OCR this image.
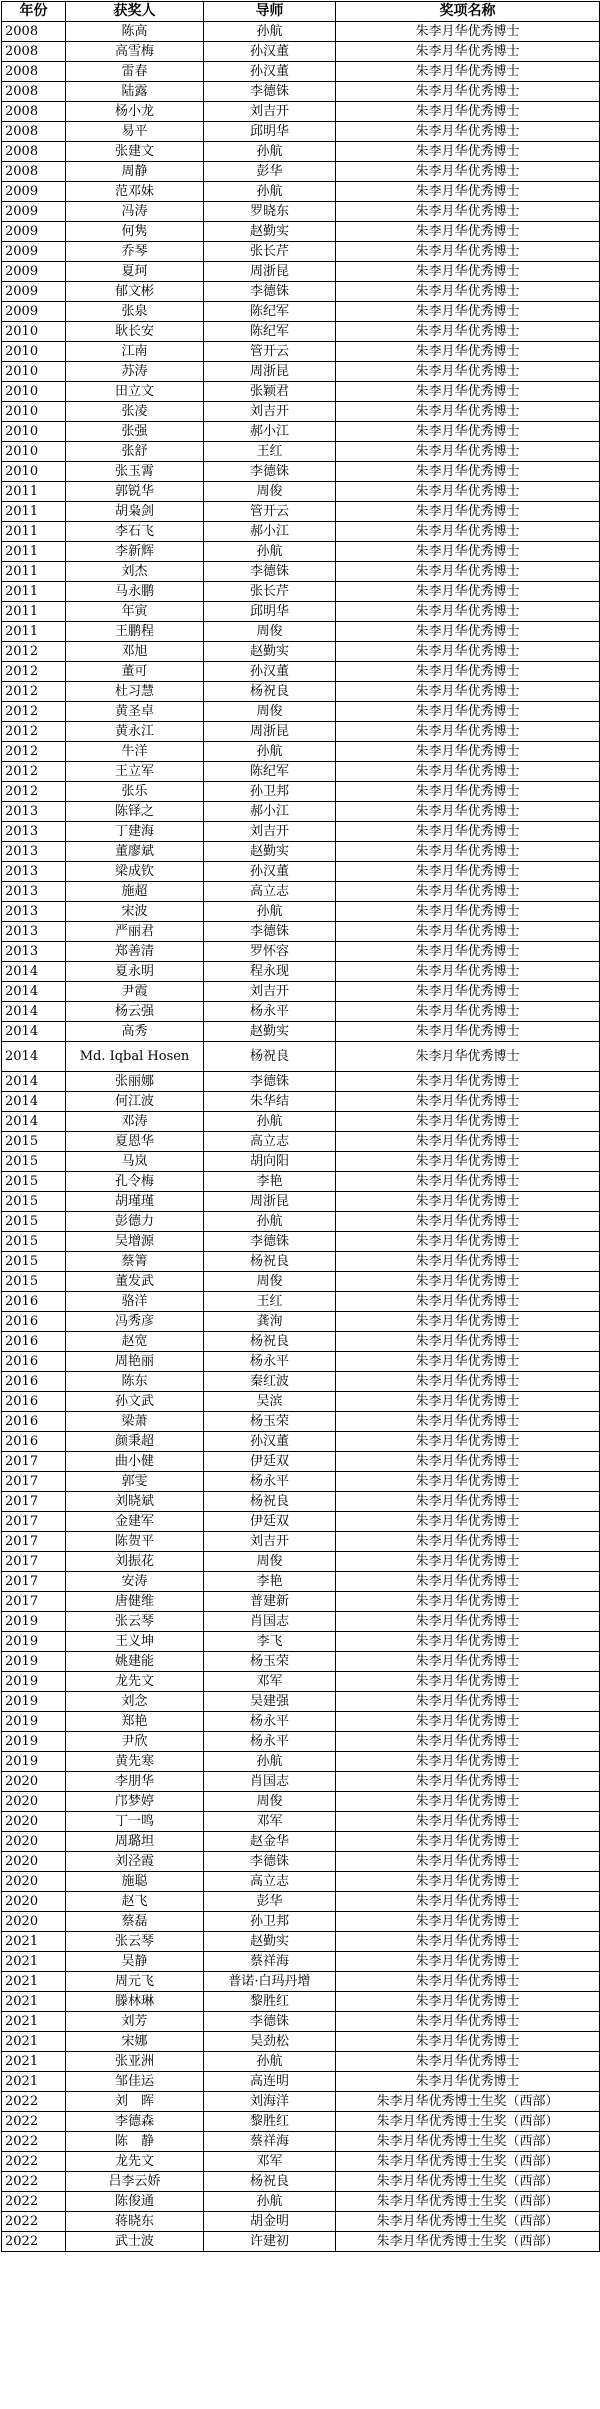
年份	获奖人	导师	奖项名称
2008	陈高	孙航	朱李月华优秀博士
2008	高雪梅	孙汉董	朱李月华优秀博士
2008	雷春	孙汉董	朱李月华优秀博士
2008	陆露	李德铢	朱李月华优秀博士
2008	杨小龙	刘吉开	朱李月华优秀博士
2008	易平	邱明华	朱李月华优秀博士
2008	张建文	孙航	朱李月华优秀博士
2008	周静	彭华	朱李月华优秀博士
2009	范邓妹	孙航	朱李月华优秀博士
2009	冯涛	罗晓东	朱李月华优秀博士
2009	何隽	赵勤实	朱李月华优秀博士
2009	乔琴	张长芹	朱李月华优秀博士
2009	夏珂	周浙昆	朱李月华优秀博士
2009	郁文彬	李德铢	朱李月华优秀博士
2009	张泉	陈纪军	朱李月华优秀博士
2010	耿长安	陈纪军	朱李月华优秀博士
2010	江南	管开云	朱李月华优秀博士
2010	苏涛	周浙昆	朱李月华优秀博士
2010	田立文	张颖君	朱李月华优秀博士
2010	张凌	刘吉开	朱李月华优秀博士
2010	张强	郝小江	朱李月华优秀博士
2010	张舒	王红	朱李月华优秀博士
2010	张玉霄	李德铢	朱李月华优秀博士
2011	郭锐华	周俊	朱李月华优秀博士
2011	胡枭剑	管开云	朱李月华优秀博士
2011	李石飞	郝小江	朱李月华优秀博士
2011	李新辉	孙航	朱李月华优秀博士
2011	刘杰	李德铢	朱李月华优秀博士
2011	马永鹏	张长芹	朱李月华优秀博士
2011	年寅	邱明华	朱李月华优秀博士
2011	王鹏程	周俊	朱李月华优秀博士
2012	邓旭	赵勤实	朱李月华优秀博士
2012	董可	孙汉董	朱李月华优秀博士
2012	杜习慧	杨祝良	朱李月华优秀博士
2012	黄圣卓	周俊	朱李月华优秀博士
2012	黄永江	周浙昆	朱李月华优秀博士
2012	牛洋	孙航	朱李月华优秀博士
2012	王立军	陈纪军	朱李月华优秀博士
2012	张乐	孙卫邦	朱李月华优秀博士
2013	陈铎之	郝小江	朱李月华优秀博士
2013	丁建海	刘吉开	朱李月华优秀博士
2013	董廖斌	赵勤实	朱李月华优秀博士
2013	梁成钦	孙汉董	朱李月华优秀博士
2013	施超	高立志	朱李月华优秀博士
2013	宋波	孙航	朱李月华优秀博士
2013	严丽君	李德铢	朱李月华优秀博士
2013	郑善清	罗怀容	朱李月华优秀博士
2014	夏永明	程永现	朱李月华优秀博士
2014	尹霞	刘吉开	朱李月华优秀博士
2014	杨云强	杨永平	朱李月华优秀博士
2014	高秀	赵勤实	朱李月华优秀博士
2014	Md. Iqbal Hosen	杨祝良	朱李月华优秀博士
2014	张丽娜	李德铢	朱李月华优秀博士
2014	何江波	朱华结	朱李月华优秀博士
2014	邓涛	孙航	朱李月华优秀博士
2015	夏恩华	高立志	朱李月华优秀博士
2015	马岚	胡向阳	朱李月华优秀博士
2015	孔令梅	李艳	朱李月华优秀博士
2015	胡瑾瑾	周浙昆	朱李月华优秀博士
2015	彭德力	孙航	朱李月华优秀博士
2015	吴增源	李德铢	朱李月华优秀博士
2015	蔡箐	杨祝良	朱李月华优秀博士
2015	董发武	周俊	朱李月华优秀博士
2016	骆洋	王红	朱李月华优秀博士
2016	冯秀彦	龚洵	朱李月华优秀博士
2016	赵宽	杨祝良	朱李月华优秀博士
2016	周艳丽	杨永平	朱李月华优秀博士
2016	陈东	秦红波	朱李月华优秀博士
2016	孙文武	吴滨	朱李月华优秀博士
2016	梁萧	杨玉荣	朱李月华优秀博士
2016	颜秉超	孙汉董	朱李月华优秀博士
2017	曲小健	伊廷双	朱李月华优秀博士
2017	郭雯	杨永平	朱李月华优秀博士
2017	刘晓斌	杨祝良	朱李月华优秀博士
2017	金建军	伊廷双	朱李月华优秀博士
2017	陈贺平	刘吉开	朱李月华优秀博士
2017	刘振花	周俊	朱李月华优秀博士
2017	安涛	李艳	朱李月华优秀博士
2017	唐健维	普建新	朱李月华优秀博士
2019	张云琴	肖国志	朱李月华优秀博士
2019	王义坤	李飞	朱李月华优秀博士
2019	姚建能	杨玉荣	朱李月华优秀博士
2019	龙先文	邓军	朱李月华优秀博士
2019	刘念	吴建强	朱李月华优秀博士
2019	郑艳	杨永平	朱李月华优秀博士
2019	尹欣	杨永平	朱李月华优秀博士
2019	黄先寒	孙航	朱李月华优秀博士
2020	李朋华	肖国志	朱李月华优秀博士
2020	邝梦婷	周俊	朱李月华优秀博士
2020	丁一鸣	邓军	朱李月华优秀博士
2020	周璐坦	赵金华	朱李月华优秀博士
2020	刘泾霞	李德铢	朱李月华优秀博士
2020	施聪	高立志	朱李月华优秀博士
2020	赵飞	彭华	朱李月华优秀博士
2020	蔡磊	孙卫邦	朱李月华优秀博士
2021	张云琴	赵勤实	朱李月华优秀博士
2021	吴静	蔡祥海	朱李月华优秀博士
2021	周元飞	普诺·白玛丹增	朱李月华优秀博士
2021	滕林琳	黎胜红	朱李月华优秀博士
2021	刘芳	李德铢	朱李月华优秀博士
2021	宋娜	吴劲松	朱李月华优秀博士
2021	张亚洲	孙航	朱李月华优秀博士
2021	邹佳运	高连明	朱李月华优秀博士
2022	刘　晖	刘海洋	朱李月华优秀博士生奖（西部）
2022	李德森	黎胜红	朱李月华优秀博士生奖（西部）
2022	陈　静	蔡祥海	朱李月华优秀博士生奖（西部）
2022	龙先文	邓军	朱李月华优秀博士生奖（西部）
2022	吕李云娇	杨祝良	朱李月华优秀博士生奖（西部）
2022	陈俊通	孙航	朱李月华优秀博士生奖（西部）
2022	蒋晓东	胡金明	朱李月华优秀博士生奖（西部）
2022	武士波	许建初	朱李月华优秀博士生奖（西部）
